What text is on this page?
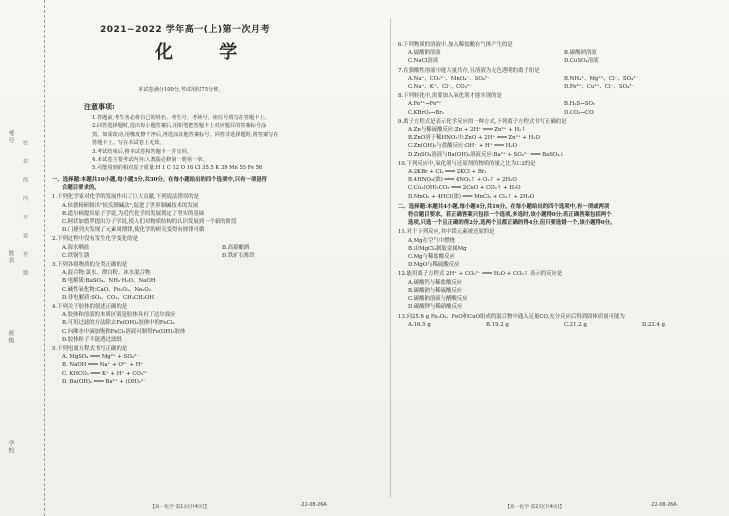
考号
姓名
班级
学校
密 封 线 内 不 要 答 题
2021~2022 学年高一(上)第一次月考
化 学
本试卷满分100分,考试用时75分钟。
注意事项:
1.答题前,考生务必将自己的姓名、考生号、考场号、座位号填写在答题卡上。
2.回答选择题时,选出每小题答案后,用铅笔把答题卡上对应题目的答案标号涂
黑。如需改动,用橡皮擦干净后,再选涂其他答案标号。回答非选择题时,将答案写在
答题卡上。写在本试卷上无效。
3.考试结束后,将本试卷和答题卡一并交回。
4.本试卷主要考试内容:人教版必修第一册第一章。
5.可能用到的相对原子质量:H 1 C 12 O 16 Cl 35.5 K 39 Mn 55 Fe 56
一、选择题:本题共10小题,每小题3分,共30分。在每小题给出的四个选项中,只有一项是符
合题目要求的。
1.下列化学家对化学的发展作出了巨大贡献,下列说法错误的是
A.侯德榜研制出"侯氏制碱法",促进了世界制碱技术的发展
B.道尔顿提出原子学说,为近代化学的发展奠定了坚实的基础
C.阿伏加德罗提出分子学说,使人们对物质结构的认识发展到一个新的阶段
D.门捷列夫发现了元素周期律,使化学的研究变得有规律可循
2.下列过程中没有发生化学变化的是
A.海水晒盐	B.高粱酿酒
C.铁锅生锈	D.铁矿石炼铁
3.下列各组物质的分类正确的是
A.混合物:氯水、漂白粉、冰水混合物
B.电解质:BaSO₄、NH₃·H₂O、NaOH
C.碱性氧化物:CaO、Fe₂O₃、Na₂O₂
D.非电解质:SO₂、CO₂、CH₃CH₂OH
4.下列关于胶体的叙述正确的是
A.胶体和溶液的本质区别是胶体具有丁达尔效应
B.可用过滤的方法除去Fe(OH)₃胶体中的FeCl₃
C.向沸水中滴加饱和FeCl₃溶液可制得Fe(OH)₃胶体
D.胶体粒子不能透过滤纸
5.下列电离方程式书写正确的是
A. MgSO₄ ═══ Mg²⁺ + SO₄²⁻
B. NaOH ═══ Na⁺ + O²⁻ + H⁺
C. KHCO₃ ═══ K⁺ + H⁺ + CO₃²⁻
D. Ba(OH)₂ ═══ Ba²⁺ + (OH)₂²⁻
6.下列物质的溶液中,加入稀盐酸有气体产生的是
A.硫酸钠溶液	B.碳酸钠溶液
C.NaCl溶液	D.CuSO₄溶液
7.在强酸性溶液中能大量共存,且溶液为无色透明的离子组是
A.Na⁺、CO₃²⁻、MnO₄⁻、SO₄²⁻	B.NH₄⁺、Mg²⁺、Cl⁻、SO₄²⁻
C.Na⁺、K⁺、Cl⁻、CO₃²⁻	D.Fe³⁺、Cu²⁺、Cl⁻、SO₄²⁻
8.下列转化中,需要加入氧化剂才能实现的是
A.Fe³⁺→Fe²⁺	B.H₂S→SO₂
C.KBrO₃→Br₂	D.CO₂→CO
9.离子方程式是表示化学反应的一种方式,下列离子方程式书写正确的是
A.Zn与稀硫酸反应:Zn + 2H⁺ ═══ Zn²⁺ + H₂↑
B.ZnO溶于稀HNO₃中:ZnO + 2H⁺ ═══ Zn²⁺ + H₂O
C.Zn(OH)₂与盐酸反应:OH⁻ + H⁺ ═══ H₂O
D.ZnSO₄溶液与Ba(OH)₂溶液反应:Ba²⁺ + SO₄²⁻ ═══ BaSO₄↓
10.下列反应中,氧化剂与还原剂的物质的量之比为1:2的是
A.2KBr + Cl₂ ═══ 2KCl + Br₂
B.4HNO₃(浓) ═══ 4NO₂↑ + O₂↑ + 2H₂O
C.Cu₂(OH)₂CO₃ ═══ 2CuO + CO₂↑ + H₂O
D.MnO₂ + 4HCl(浓) ═══ MnCl₂ + Cl₂↑ + 2H₂O
二、选择题:本题共4小题,每小题4分,共16分。在每小题给出的四个选项中,有一项或两项
符合题目要求。若正确答案只包括一个选项,多选时,该小题得0分;若正确答案包括两个
选项,只选一个且正确的得2分,选两个且都正确的得4分,但只要选错一个,该小题得0分。
11.对于下列反应,其中镁元素被还原的是
A.Mg在空气中燃烧
B.由MgCl₂制取金属Mg
C.Mg与稀盐酸反应
D.MgO与稀硫酸反应
12.能用离子方程式 2H⁺ + CO₃²⁻ ═══ H₂O + CO₂↑ 表示的反应是
A.碳酸钙与稀盐酸反应
B.碳酸钠与稀硫酸反应
C.碳酸钠溶液与醋酸反应
D.碳酸钾与稀硝酸反应
13.向25.6 g Fe₂O₃、FeO和CuO组成的混合物中通入足量CO,充分反应后得到固体质量可能为
A.16.5 g	B.19.2 g	C.21.2 g	D.22.4 g
【高一化学 第1页(共4页)】	·22-08-26A·	【高一化学 第2页(共4页)】	·22-08-26A·
